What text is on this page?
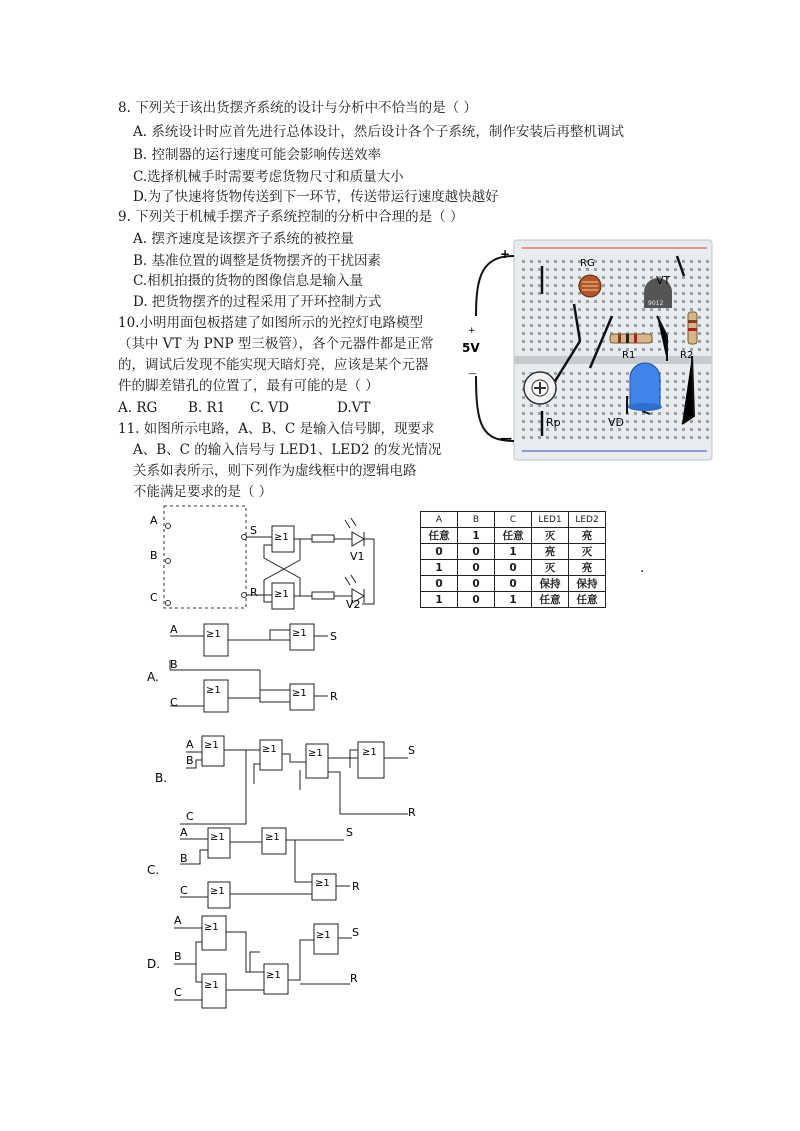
8. 下列关于该出货摆齐系统的设计与分析中不恰当的是（ ）
A. 系统设计时应首先进行总体设计，然后设计各个子系统，制作安装后再整机调试
B. 控制器的运行速度可能会影响传送效率
C.选择机械手时需要考虑货物尺寸和质量大小
D.为了快速将货物传送到下一环节，传送带运行速度越快越好
9. 下列关于机械手摆齐子系统控制的分析中合理的是（ ）
A. 摆齐速度是该摆齐子系统的被控量
B. 基准位置的调整是货物摆齐的干扰因素
C.相机拍摄的货物的图像信息是输入量
D. 把货物摆齐的过程采用了开环控制方式
10.小明用面包板搭建了如图所示的光控灯电路模型
（其中 VT 为 PNP 型三极管），各个元器件都是正常
的，调试后发现不能实现天暗灯亮，应该是某个元器
件的脚差错孔的位置了，最有可能的是（ ）
A. RG B. R1 C. VD	D.VT
11. 如图所示电路，A、B、C 是输入信号脚，现要求
A、B、C 的输入信号与 LED1、LED2 的发光情况
关系如表所示，则下列作为虚线框中的逻辑电路
不能满足要求的是（ ）
+
5V
—
+
—
RG
9012
VT
R1	R2
Rp	VD
A
B
C
S
R
≥1
≥1
V1
V2
A	B	C	LED1	LED2
任意	1	任意	灭	亮
0	0	1	亮	灭
1	0	0	灭	亮
0	0	0	保持	保持
1	0	1	任意	任意
.
A.
A
B
C
≥1
≥1
≥1
≥1
S
R
B.
A
B
C
≥1	≥1	≥1	≥1	S
R
C.
A
B
C
≥1	≥1
≥1
≥1
S
R
D.
A
B
C
≥1
≥1
≥1
≥1 S
R
